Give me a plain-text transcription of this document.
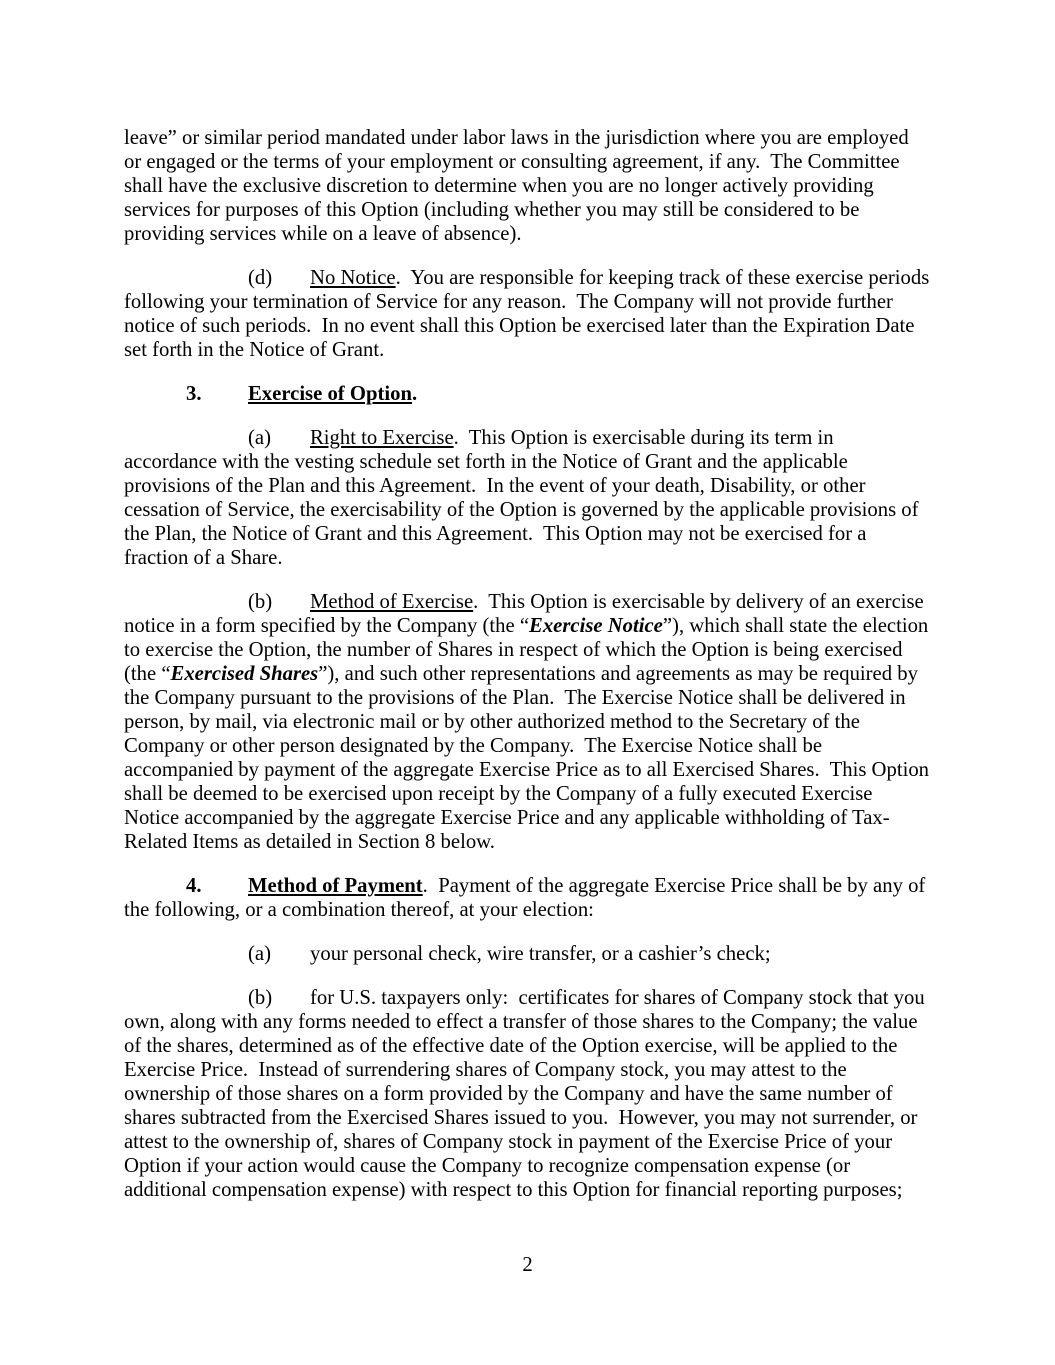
leave” or similar period mandated under labor laws in the jurisdiction where you are employed or engaged or the terms of your employment or consulting agreement, if any.  The Committee shall have the exclusive discretion to determine when you are no longer actively providing services for purposes of this Option (including whether you may still be considered to be providing services while on a leave of absence).

(d) No Notice.  You are responsible for keeping track of these exercise periods following your termination of Service for any reason.  The Company will not provide further notice of such periods.  In no event shall this Option be exercised later than the Expiration Date set forth in the Notice of Grant.

3. Exercise of Option.

(a) Right to Exercise.  This Option is exercisable during its term in accordance with the vesting schedule set forth in the Notice of Grant and the applicable provisions of the Plan and this Agreement.  In the event of your death, Disability, or other cessation of Service, the exercisability of the Option is governed by the applicable provisions of the Plan, the Notice of Grant and this Agreement.  This Option may not be exercised for a fraction of a Share.

(b) Method of Exercise.  This Option is exercisable by delivery of an exercise notice in a form specified by the Company (the “Exercise Notice”), which shall state the election to exercise the Option, the number of Shares in respect of which the Option is being exercised (the “Exercised Shares”), and such other representations and agreements as may be required by the Company pursuant to the provisions of the Plan.  The Exercise Notice shall be delivered in person, by mail, via electronic mail or by other authorized method to the Secretary of the Company or other person designated by the Company.  The Exercise Notice shall be accompanied by payment of the aggregate Exercise Price as to all Exercised Shares.  This Option shall be deemed to be exercised upon receipt by the Company of a fully executed Exercise Notice accompanied by the aggregate Exercise Price and any applicable withholding of Tax-Related Items as detailed in Section 8 below.

4. Method of Payment.  Payment of the aggregate Exercise Price shall be by any of the following, or a combination thereof, at your election:

(a) your personal check, wire transfer, or a cashier’s check;

(b) for U.S. taxpayers only:  certificates for shares of Company stock that you own, along with any forms needed to effect a transfer of those shares to the Company; the value of the shares, determined as of the effective date of the Option exercise, will be applied to the Exercise Price.  Instead of surrendering shares of Company stock, you may attest to the ownership of those shares on a form provided by the Company and have the same number of shares subtracted from the Exercised Shares issued to you.  However, you may not surrender, or attest to the ownership of, shares of Company stock in payment of the Exercise Price of your Option if your action would cause the Company to recognize compensation expense (or additional compensation expense) with respect to this Option for financial reporting purposes;

2
